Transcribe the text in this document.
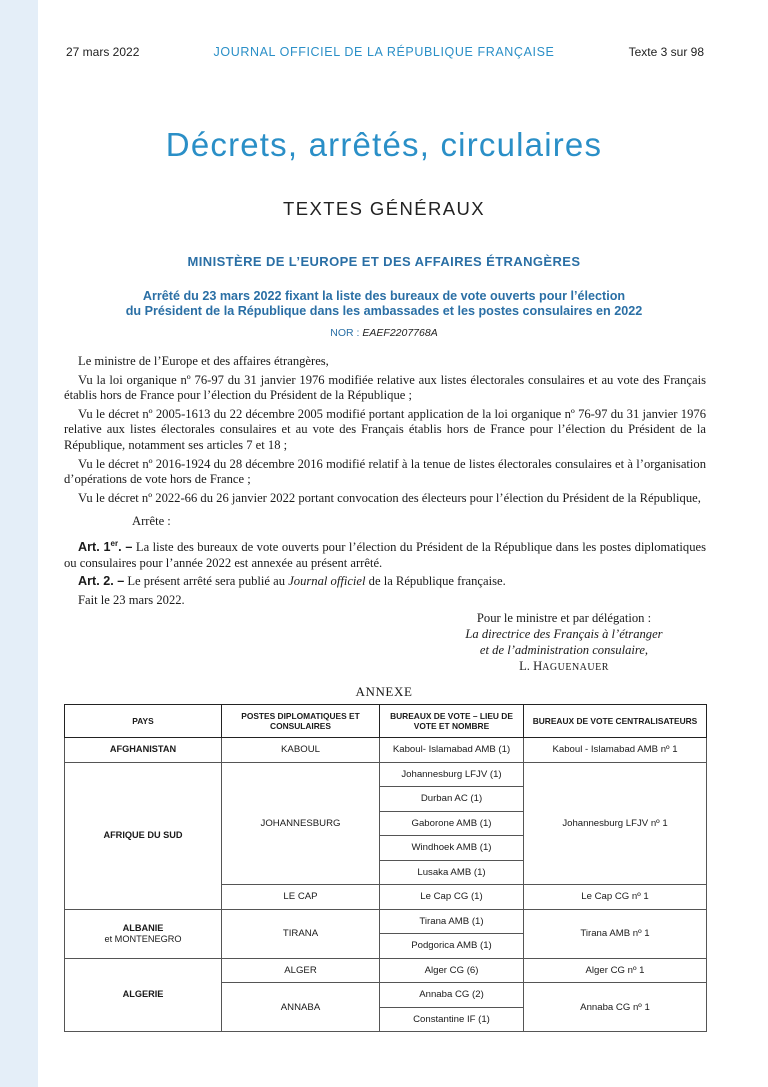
27 mars 2022	JOURNAL OFFICIEL DE LA RÉPUBLIQUE FRANÇAISE	Texte 3 sur 98
Décrets, arrêtés, circulaires
TEXTES GÉNÉRAUX
MINISTÈRE DE L’EUROPE ET DES AFFAIRES ÉTRANGÈRES
Arrêté du 23 mars 2022 fixant la liste des bureaux de vote ouverts pour l’élection
du Président de la République dans les ambassades et les postes consulaires en 2022
NOR : EAEF2207768A

Le ministre de l’Europe et des affaires étrangères,

Vu la loi organique nº 76-97 du 31 janvier 1976 modifiée relative aux listes électorales consulaires et au vote des Français établis hors de France pour l’élection du Président de la République ;

Vu le décret nº 2005-1613 du 22 décembre 2005 modifié portant application de la loi organique nº 76-97 du 31 janvier 1976 relative aux listes électorales consulaires et au vote des Français établis hors de France pour l’élection du Président de la République, notamment ses articles 7 et 18 ;

Vu le décret nº 2016-1924 du 28 décembre 2016 modifié relatif à la tenue de listes électorales consulaires et à l’organisation d’opérations de vote hors de France ;

Vu le décret nº 2022-66 du 26 janvier 2022 portant convocation des électeurs pour l’élection du Président de la République,

Arrête :

Art. 1er. – La liste des bureaux de vote ouverts pour l’élection du Président de la République dans les postes diplomatiques ou consulaires pour l’année 2022 est annexée au présent arrêté.

Art. 2. – Le présent arrêté sera publié au Journal officiel de la République française.

Fait le 23 mars 2022.

Pour le ministre et par délégation :
La directrice des Français à l’étranger
et de l’administration consulaire,
L. HAGUENAUER
ANNEXE
PAYS	POSTES DIPLOMATIQUES ET CONSULAIRES	BUREAUX DE VOTE – LIEU DE VOTE ET NOMBRE	BUREAUX DE VOTE CENTRALISATEURS
AFGHANISTAN	KABOUL	Kaboul- Islamabad AMB (1)	Kaboul - Islamabad AMB nº 1
AFRIQUE DU SUD	JOHANNESBURG	Johannesburg LFJV (1)	Johannesburg LFJV nº 1
		Durban AC (1)	
		Gaborone AMB (1)	
		Windhoek AMB (1)	
		Lusaka AMB (1)	
	LE CAP	Le Cap CG (1)	Le Cap CG nº 1
ALBANIE
et MONTENEGRO	TIRANA	Tirana AMB (1)	Tirana AMB nº 1
		Podgorica AMB (1)	
ALGERIE	ALGER	Alger CG (6)	Alger CG nº 1
	ANNABA	Annaba CG (2)	Annaba CG nº 1
		Constantine IF (1)	
